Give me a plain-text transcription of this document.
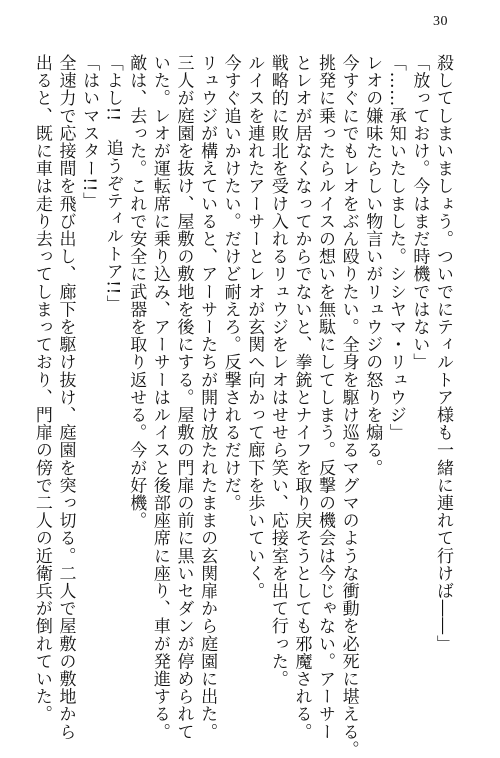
30

殺してしまいましょう。ついでにティルトア様も一緒に連れて行けば――」

「放っておけ。今はまだ時機ではない」

「……承知いたしました。シシヤマ・リュウジ」

レオの嫌味たらしい物言いがリュウジの怒りを煽る。

今すぐにでもレオをぶん殴りたい。全身を駆け巡るマグマのような衝動を必死に堪える。

挑発に乗ったらルイスの想いを無駄にしてしまう。反撃の機会は今じゃない。アーサー

とレオが居なくなってからでないと、拳銃とナイフを取り戻そうとしても邪魔される。

戦略的に敗北を受け入れるリュウジをレオはせせら笑い、応接室を出て行った。

ルイスを連れたアーサーとレオが玄関へ向かって廊下を歩いていく。

今すぐ追いかけたい。だけど耐えろ。反撃されるだけだ。

リュウジが構えていると、アーサーたちが開け放たれたままの玄関扉から庭園に出た。

三人が庭園を抜け、屋敷の敷地を後にする。屋敷の門扉の前に黒いセダンが停められて

いた。レオが運転席に乗り込み、アーサーはルイスと後部座席に座り、車が発進する。

敵は、去った。これで安全に武器を取り返せる。今が好機。

「よし!!　追うぞティルトア!!」

「はいマスター!!」

全速力で応接間を飛び出し、廊下を駆け抜け、庭園を突っ切る。二人で屋敷の敷地から

出ると、既に車は走り去ってしまっており、門扉の傍で二人の近衛兵が倒れていた。
